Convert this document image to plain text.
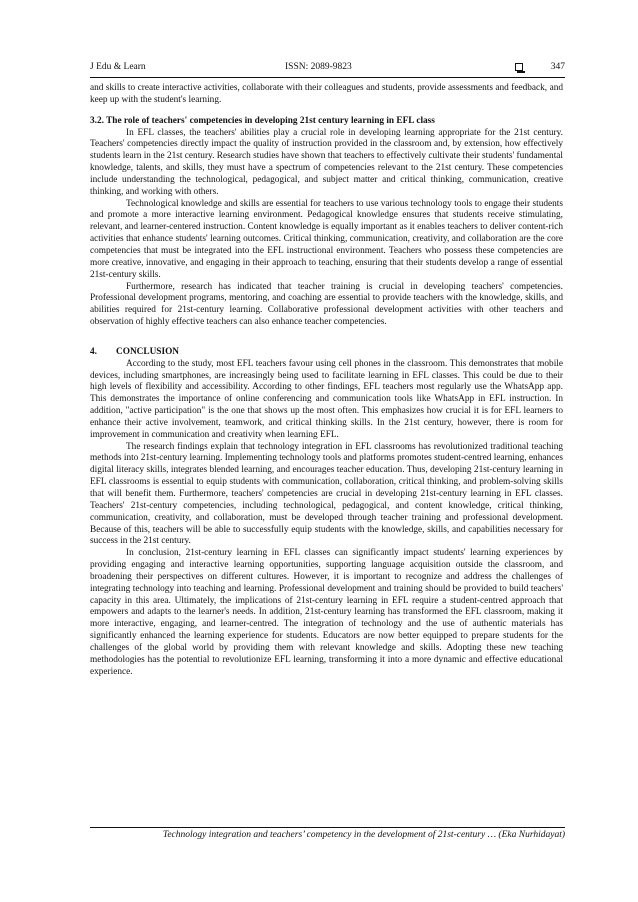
J Edu & Learn	ISSN: 2089-9823	347

and skills to create interactive activities, collaborate with their colleagues and students, provide assessments and feedback, and keep up with the student's learning.

3.2. The role of teachers' competencies in developing 21st century learning in EFL class

In EFL classes, the teachers' abilities play a crucial role in developing learning appropriate for the 21st century. Teachers' competencies directly impact the quality of instruction provided in the classroom and, by extension, how effectively students learn in the 21st century. Research studies have shown that teachers to effectively cultivate their students' fundamental knowledge, talents, and skills, they must have a spectrum of competencies relevant to the 21st century. These competencies include understanding the technological, pedagogical, and subject matter and critical thinking, communication, creative thinking, and working with others.

Technological knowledge and skills are essential for teachers to use various technology tools to engage their students and promote a more interactive learning environment. Pedagogical knowledge ensures that students receive stimulating, relevant, and learner-centered instruction. Content knowledge is equally important as it enables teachers to deliver content-rich activities that enhance students' learning outcomes. Critical thinking, communication, creativity, and collaboration are the core competencies that must be integrated into the EFL instructional environment. Teachers who possess these competencies are more creative, innovative, and engaging in their approach to teaching, ensuring that their students develop a range of essential 21st-century skills.

Furthermore, research has indicated that teacher training is crucial in developing teachers' competencies. Professional development programs, mentoring, and coaching are essential to provide teachers with the knowledge, skills, and abilities required for 21st-century learning. Collaborative professional development activities with other teachers and observation of highly effective teachers can also enhance teacher competencies.

4. CONCLUSION

According to the study, most EFL teachers favour using cell phones in the classroom. This demonstrates that mobile devices, including smartphones, are increasingly being used to facilitate learning in EFL classes. This could be due to their high levels of flexibility and accessibility. According to other findings, EFL teachers most regularly use the WhatsApp app. This demonstrates the importance of online conferencing and communication tools like WhatsApp in EFL instruction. In addition, "active participation" is the one that shows up the most often. This emphasizes how crucial it is for EFL learners to enhance their active involvement, teamwork, and critical thinking skills. In the 21st century, however, there is room for improvement in communication and creativity when learning EFL.

The research findings explain that technology integration in EFL classrooms has revolutionized traditional teaching methods into 21st-century learning. Implementing technology tools and platforms promotes student-centred learning, enhances digital literacy skills, integrates blended learning, and encourages teacher education. Thus, developing 21st-century learning in EFL classrooms is essential to equip students with communication, collaboration, critical thinking, and problem-solving skills that will benefit them. Furthermore, teachers' competencies are crucial in developing 21st-century learning in EFL classes. Teachers' 21st-century competencies, including technological, pedagogical, and content knowledge, critical thinking, communication, creativity, and collaboration, must be developed through teacher training and professional development. Because of this, teachers will be able to successfully equip students with the knowledge, skills, and capabilities necessary for success in the 21st century.

In conclusion, 21st-century learning in EFL classes can significantly impact students' learning experiences by providing engaging and interactive learning opportunities, supporting language acquisition outside the classroom, and broadening their perspectives on different cultures. However, it is important to recognize and address the challenges of integrating technology into teaching and learning. Professional development and training should be provided to build teachers' capacity in this area. Ultimately, the implications of 21st-century learning in EFL require a student-centred approach that empowers and adapts to the learner's needs. In addition, 21st-century learning has transformed the EFL classroom, making it more interactive, engaging, and learner-centred. The integration of technology and the use of authentic materials has significantly enhanced the learning experience for students. Educators are now better equipped to prepare students for the challenges of the global world by providing them with relevant knowledge and skills. Adopting these new teaching methodologies has the potential to revolutionize EFL learning, transforming it into a more dynamic and effective educational experience.

Technology integration and teachers’ competency in the development of 21st-century … (Eka Nurhidayat)
